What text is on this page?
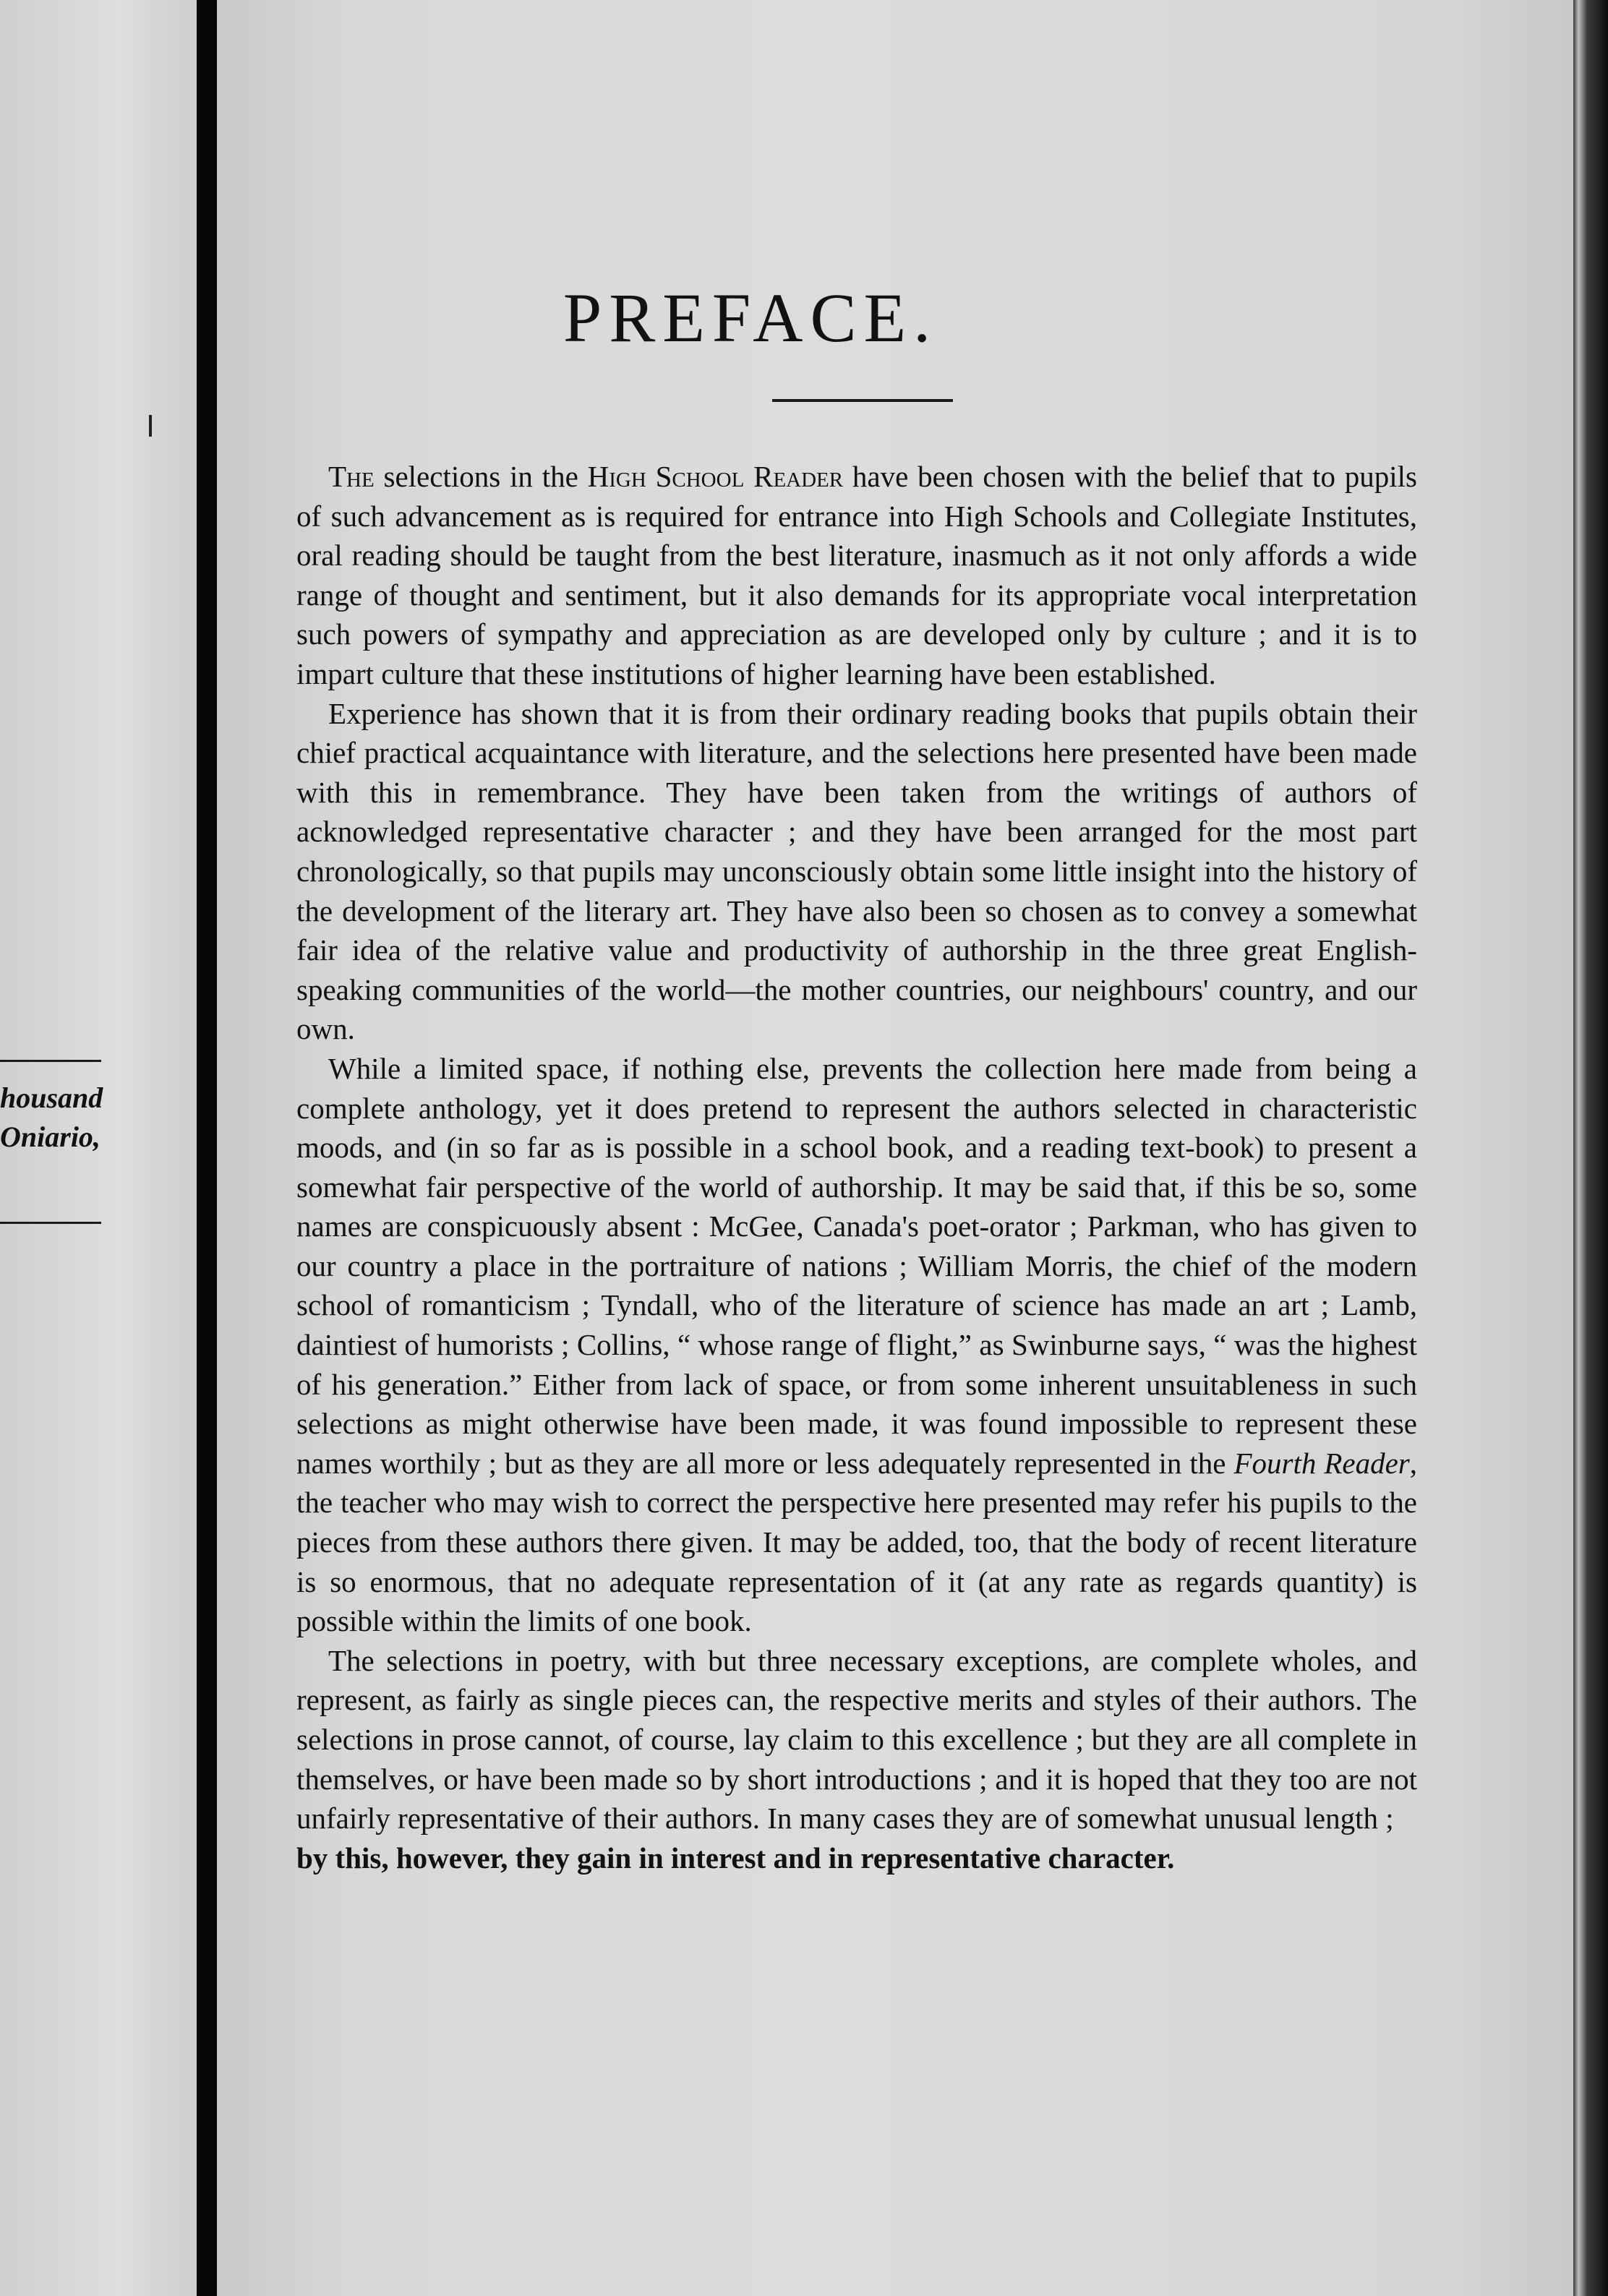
housand
Oniario,
PREFACE.

The selections in the High School Reader have been chosen with the belief that to pupils of such advancement as is required for entrance into High Schools and Collegiate Institutes, oral reading should be taught from the best literature, inasmuch as it not only affords a wide range of thought and sentiment, but it also demands for its appropriate vocal interpretation such powers of sympathy and appreciation as are developed only by culture ; and it is to impart culture that these institutions of higher learning have been established.

Experience has shown that it is from their ordinary reading books that pupils obtain their chief practical acquaintance with literature, and the selections here presented have been made with this in remembrance. They have been taken from the writings of authors of acknowledged representative character ; and they have been arranged for the most part chronologically, so that pupils may unconsciously obtain some little insight into the history of the development of the literary art. They have also been so chosen as to convey a somewhat fair idea of the relative value and productivity of authorship in the three great English-speaking communities of the world—the mother countries, our neighbours' country, and our own.

While a limited space, if nothing else, prevents the collection here made from being a complete anthology, yet it does pretend to represent the authors selected in characteristic moods, and (in so far as is possible in a school book, and a reading text-book) to present a somewhat fair perspective of the world of authorship. It may be said that, if this be so, some names are conspicuously absent : McGee, Canada's poet-orator ; Parkman, who has given to our country a place in the portraiture of nations ; William Morris, the chief of the modern school of romanticism ; Tyndall, who of the literature of science has made an art ; Lamb, daintiest of humorists ; Collins, “ whose range of flight,” as Swinburne says, “ was the highest of his generation.” Either from lack of space, or from some inherent unsuitableness in such selections as might otherwise have been made, it was found impossible to represent these names worthily ; but as they are all more or less adequately represented in the Fourth Reader, the teacher who may wish to correct the perspective here presented may refer his pupils to the pieces from these authors there given. It may be added, too, that the body of recent literature is so enormous, that no adequate representation of it (at any rate as regards quantity) is possible within the limits of one book.

The selections in poetry, with but three necessary exceptions, are complete wholes, and represent, as fairly as single pieces can, the respective merits and styles of their authors. The selections in prose cannot, of course, lay claim to this excellence ; but they are all complete in themselves, or have been made so by short introductions ; and it is hoped that they too are not unfairly representative of their authors. In many cases they are of somewhat unusual length ;
by this, however, they gain in interest and in representative character.
